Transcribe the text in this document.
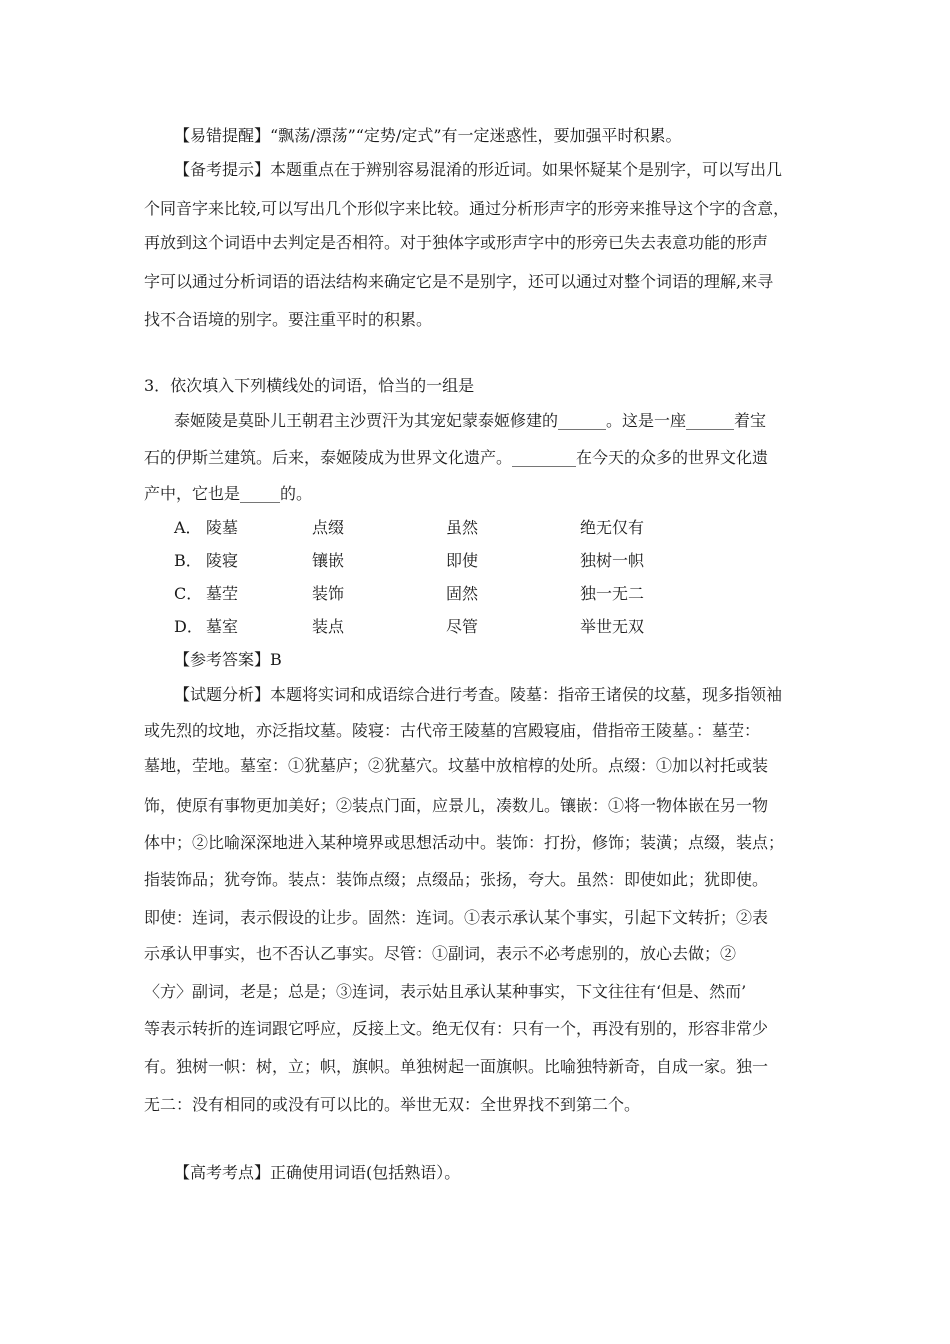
【易错提醒】“飘荡/漂荡”“定势/定式”有一定迷惑性，要加强平时积累。
【备考提示】本题重点在于辨别容易混淆的形近词。如果怀疑某个是别字，可以写出几
个同音字来比较,可以写出几个形似字来比较。通过分析形声字的形旁来推导这个字的含意，
再放到这个词语中去判定是否相符。对于独体字或形声字中的形旁已失去表意功能的形声
字可以通过分析词语的语法结构来确定它是不是别字，还可以通过对整个词语的理解,来寻
找不合语境的别字。要注重平时的积累。
3．依次填入下列横线处的词语，恰当的一组是
泰姬陵是莫卧儿王朝君主沙贾汗为其宠妃蒙泰姬修建的______。这是一座______着宝
石的伊斯兰建筑。后来，泰姬陵成为世界文化遗产。________在今天的众多的世界文化遗
产中，它也是_____的。
A． 陵墓	点缀	虽然	绝无仅有
B． 陵寝	镶嵌	即使	独树一帜
C． 墓茔	装饰	固然	独一无二
D． 墓室	装点	尽管	举世无双
【参考答案】B
【试题分析】本题将实词和成语综合进行考查。陵墓：指帝王诸侯的坟墓，现多指领袖
或先烈的坟地，亦泛指坟墓。陵寝：古代帝王陵墓的宫殿寝庙，借指帝王陵墓。：墓茔：
墓地，茔地。墓室：①犹墓庐；②犹墓穴。坟墓中放棺椁的处所。点缀：①加以衬托或装
饰，使原有事物更加美好；②装点门面，应景儿，凑数儿。镶嵌：①将一物体嵌在另一物
体中；②比喻深深地进入某种境界或思想活动中。装饰：打扮，修饰；装潢；点缀，装点；
指装饰品；犹夸饰。装点：装饰点缀；点缀品；张扬，夸大。虽然：即使如此；犹即使。
即使：连词，表示假设的让步。固然：连词。①表示承认某个事实，引起下文转折；②表
示承认甲事实，也不否认乙事实。尽管：①副词，表示不必考虑别的，放心去做；②
〈方〉副词，老是；总是；③连词，表示姑且承认某种事实，下文往往有‘但是、然而’
等表示转折的连词跟它呼应，反接上文。绝无仅有：只有一个，再没有别的，形容非常少
有。独树一帜：树，立；帜，旗帜。单独树起一面旗帜。比喻独特新奇，自成一家。独一
无二：没有相同的或没有可以比的。举世无双：全世界找不到第二个。
【高考考点】正确使用词语(包括熟语）。
